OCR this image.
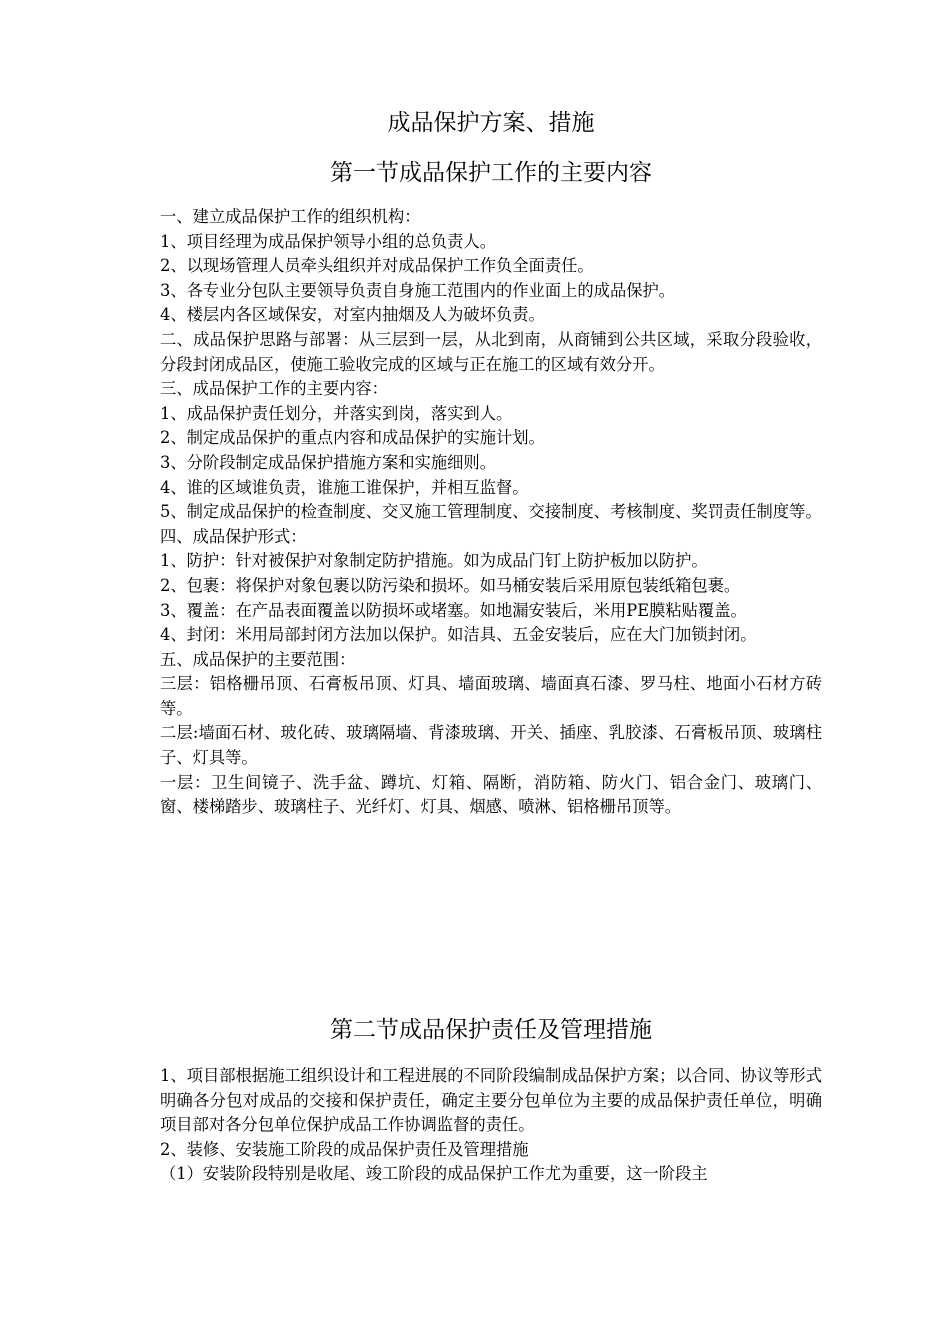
成品保护方案、措施
第一节成品保护工作的主要内容

一、建立成品保护工作的组织机构：

1、项目经理为成品保护领导小组的总负责人。

2、以现场管理人员牵头组织并对成品保护工作负全面责任。

3、各专业分包队主要领导负责自身施工范围内的作业面上的成品保护。

4、楼层内各区域保安，对室内抽烟及人为破坏负责。

二、成品保护思路与部署：从三层到一层，从北到南，从商铺到公共区域，采取分段验收，分段封闭成品区，使施工验收完成的区域与正在施工的区域有效分开。

三、成品保护工作的主要内容：

1、成品保护责任划分，并落实到岗，落实到人。

2、制定成品保护的重点内容和成品保护的实施计划。

3、分阶段制定成品保护措施方案和实施细则。

4、谁的区域谁负责，谁施工谁保护，并相互监督。

5、制定成品保护的检查制度、交叉施工管理制度、交接制度、考核制度、奖罚责任制度等。

四、成品保护形式：

1、防护：针对被保护对象制定防护措施。如为成品门钉上防护板加以防护。

2、包裹：将保护对象包裹以防污染和损坏。如马桶安装后采用原包装纸箱包裹。

3、覆盖：在产品表面覆盖以防损坏或堵塞。如地漏安装后，米用PE膜粘贴覆盖。

4、封闭：米用局部封闭方法加以保护。如洁具、五金安装后，应在大门加锁封闭。

五、成品保护的主要范围：

三层：铝格栅吊顶、石膏板吊顶、灯具、墙面玻璃、墙面真石漆、罗马柱、地面小石材方砖等。

二层:墙面石材、玻化砖、玻璃隔墙、背漆玻璃、开关、插座、乳胶漆、石膏板吊顶、玻璃柱子、灯具等。

一层：卫生间镜子、洗手盆、蹲坑、灯箱、隔断，消防箱、防火门、铝合金门、玻璃门、窗、楼梯踏步、玻璃柱子、光纤灯、灯具、烟感、喷淋、铝格栅吊顶等。

第二节成品保护责任及管理措施

1、项目部根据施工组织设计和工程进展的不同阶段编制成品保护方案；以合同、协议等形式明确各分包对成品的交接和保护责任，确定主要分包单位为主要的成品保护责任单位，明确项目部对各分包单位保护成品工作协调监督的责任。

2、装修、安装施工阶段的成品保护责任及管理措施

（1）安装阶段特别是收尾、竣工阶段的成品保护工作尤为重要，这一阶段主
